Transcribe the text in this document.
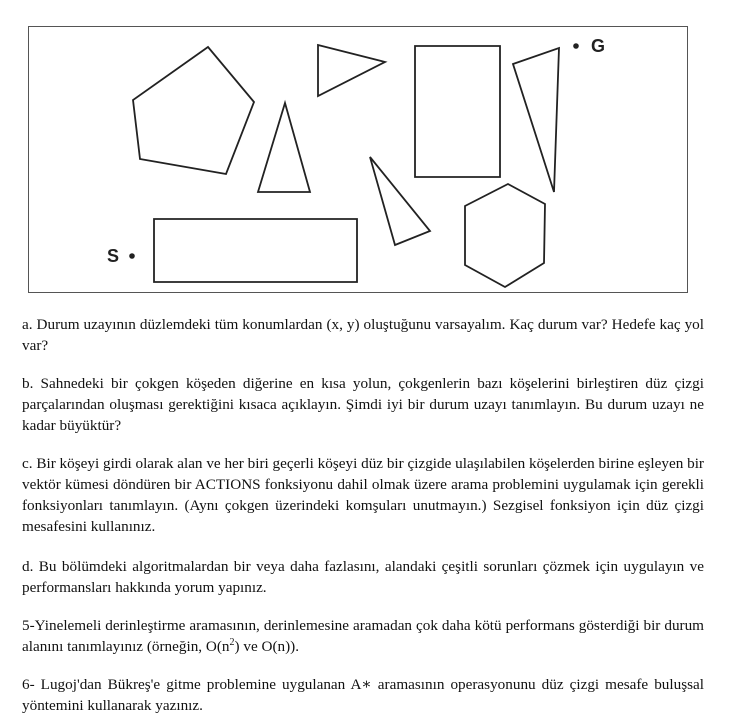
G
S

a. Durum uzayının düzlemdeki tüm konumlardan (x, y) oluştuğunu varsayalım. Kaç durum var? Hedefe kaç yol var?

b. Sahnedeki bir çokgen köşeden diğerine en kısa yolun, çokgenlerin bazı köşelerini birleştiren düz çizgi parçalarından oluşması gerektiğini kısaca açıklayın. Şimdi iyi bir durum uzayı tanımlayın. Bu durum uzayı ne kadar büyüktür?

c. Bir köşeyi girdi olarak alan ve her biri geçerli köşeyi düz bir çizgide ulaşılabilen köşelerden birine eşleyen bir vektör kümesi döndüren bir ACTIONS fonksiyonu dahil olmak üzere arama problemini uygulamak için gerekli fonksiyonları tanımlayın. (Aynı çokgen üzerindeki komşuları unutmayın.) Sezgisel fonksiyon için düz çizgi mesafesini kullanınız.

d. Bu bölümdeki algoritmalardan bir veya daha fazlasını, alandaki çeşitli sorunları çözmek için uygulayın ve performansları hakkında yorum yapınız.

5-Yinelemeli derinleştirme aramasının, derinlemesine aramadan çok daha kötü performans gösterdiği bir durum alanını tanımlayınız (örneğin, $O(n^2)$ ve O(n)).

6- Lugoj'dan Bükreş'e gitme problemine uygulanan A∗ aramasının operasyonunu düz çizgi mesafe buluşsal yöntemini kullanarak yazınız.
